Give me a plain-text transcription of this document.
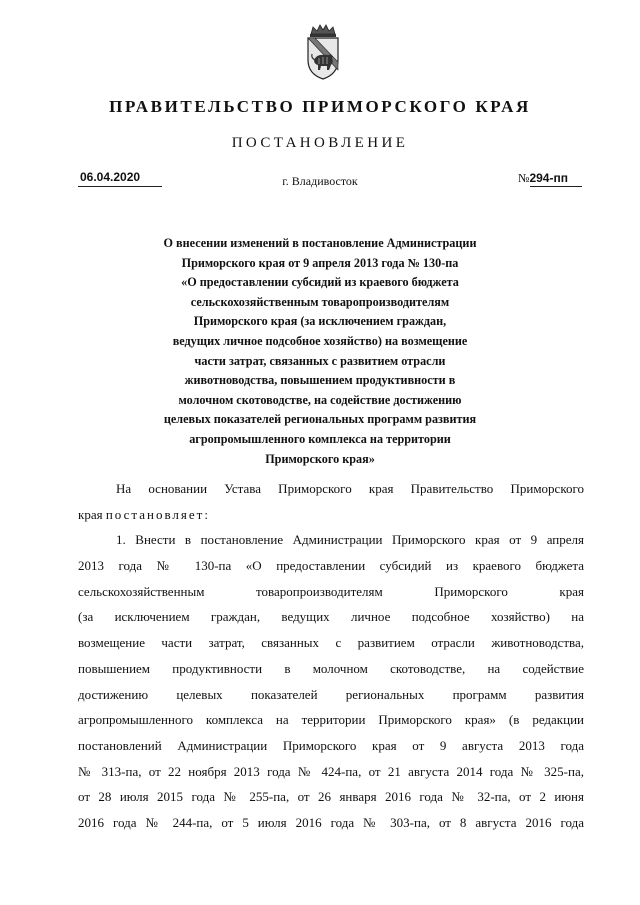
ПРАВИТЕЛЬСТВО ПРИМОРСКОГО КРАЯ
ПОСТАНОВЛЕНИЕ
06.04.2020	г. Владивосток	№294-пп
О внесении изменений в постановление Администрации
Приморского края от 9 апреля 2013 года № 130-па
«О предоставлении субсидий из краевого бюджета
сельскохозяйственным товаропроизводителям
Приморского края (за исключением граждан,
ведущих личное подсобное хозяйство) на возмещение
части затрат, связанных с развитием отрасли
животноводства, повышением продуктивности в
молочном скотоводстве, на содействие достижению
целевых показателей региональных программ развития
агропромышленного комплекса на территории
Приморского края»
На основании Устава Приморского края Правительство Приморского
края постановляет:
1. Внести в постановление Администрации Приморского края от 9 апреля
2013 года № 130-па «О предоставлении субсидий из краевого бюджета
сельскохозяйственным товаропроизводителям Приморского края
(за исключением граждан, ведущих личное подсобное хозяйство) на
возмещение части затрат, связанных с развитием отрасли животноводства,
повышением продуктивности в молочном скотоводстве, на содействие
достижению целевых показателей региональных программ развития
агропромышленного комплекса на территории Приморского края» (в редакции
постановлений Администрации Приморского края от 9 августа 2013 года
№ 313-па, от 22 ноября 2013 года № 424-па, от 21 августа 2014 года № 325-па,
от 28 июля 2015 года № 255-па, от 26 января 2016 года № 32-па, от 2 июня
2016 года № 244-па, от 5 июля 2016 года № 303-па, от 8 августа 2016 года
